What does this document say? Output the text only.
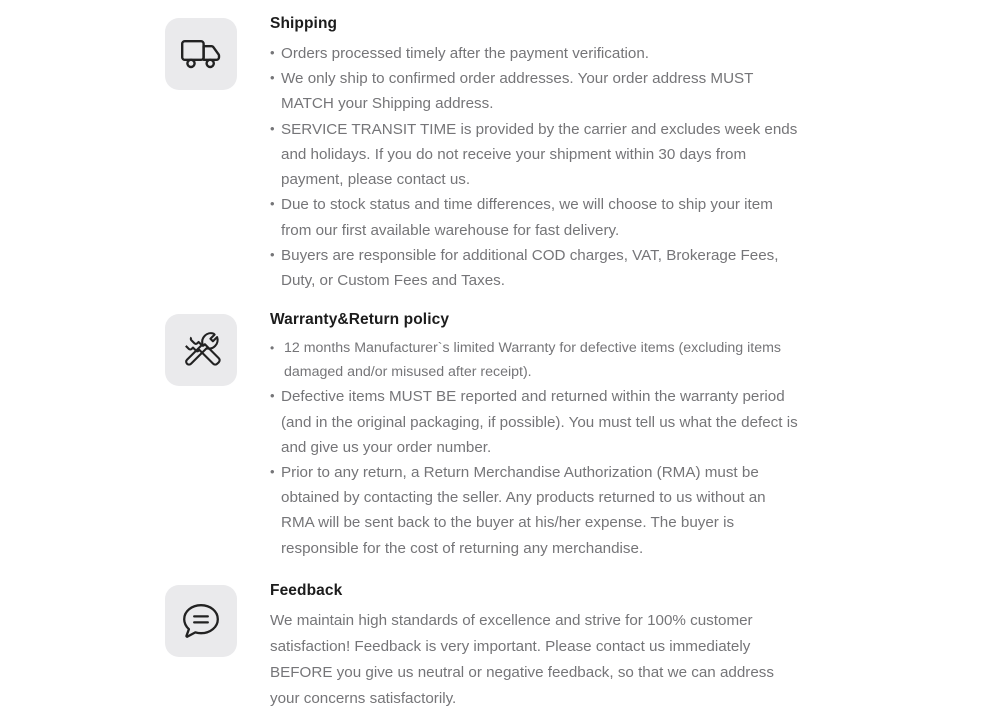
Shipping
• Orders processed timely after the payment verification.
• We only ship to confirmed order addresses. Your order address MUST MATCH your Shipping address.
• SERVICE TRANSIT TIME is provided by the carrier and excludes week ends and holidays. If you do not receive your shipment within 30 days from payment, please contact us.
• Due to stock status and time differences, we will choose to ship your item from our first available warehouse for fast delivery.
• Buyers are responsible for additional COD charges, VAT, Brokerage Fees, Duty, or Custom Fees and Taxes.
Warranty&Return policy
• 12 months Manufacturer`s limited Warranty for defective items (excluding items damaged and/or misused after receipt).
• Defective items MUST BE reported and returned within the warranty period (and in the original packaging, if possible). You must tell us what the defect is and give us your order number.
• Prior to any return, a Return Merchandise Authorization (RMA) must be obtained by contacting the seller. Any products returned to us without an RMA will be sent back to the buyer at his/her expense. The buyer is responsible for the cost of returning any merchandise.
Feedback

We maintain high standards of excellence and strive for 100% customer satisfaction! Feedback is very important. Please contact us immediately BEFORE you give us neutral or negative feedback, so that we can address your concerns satisfactorily.
